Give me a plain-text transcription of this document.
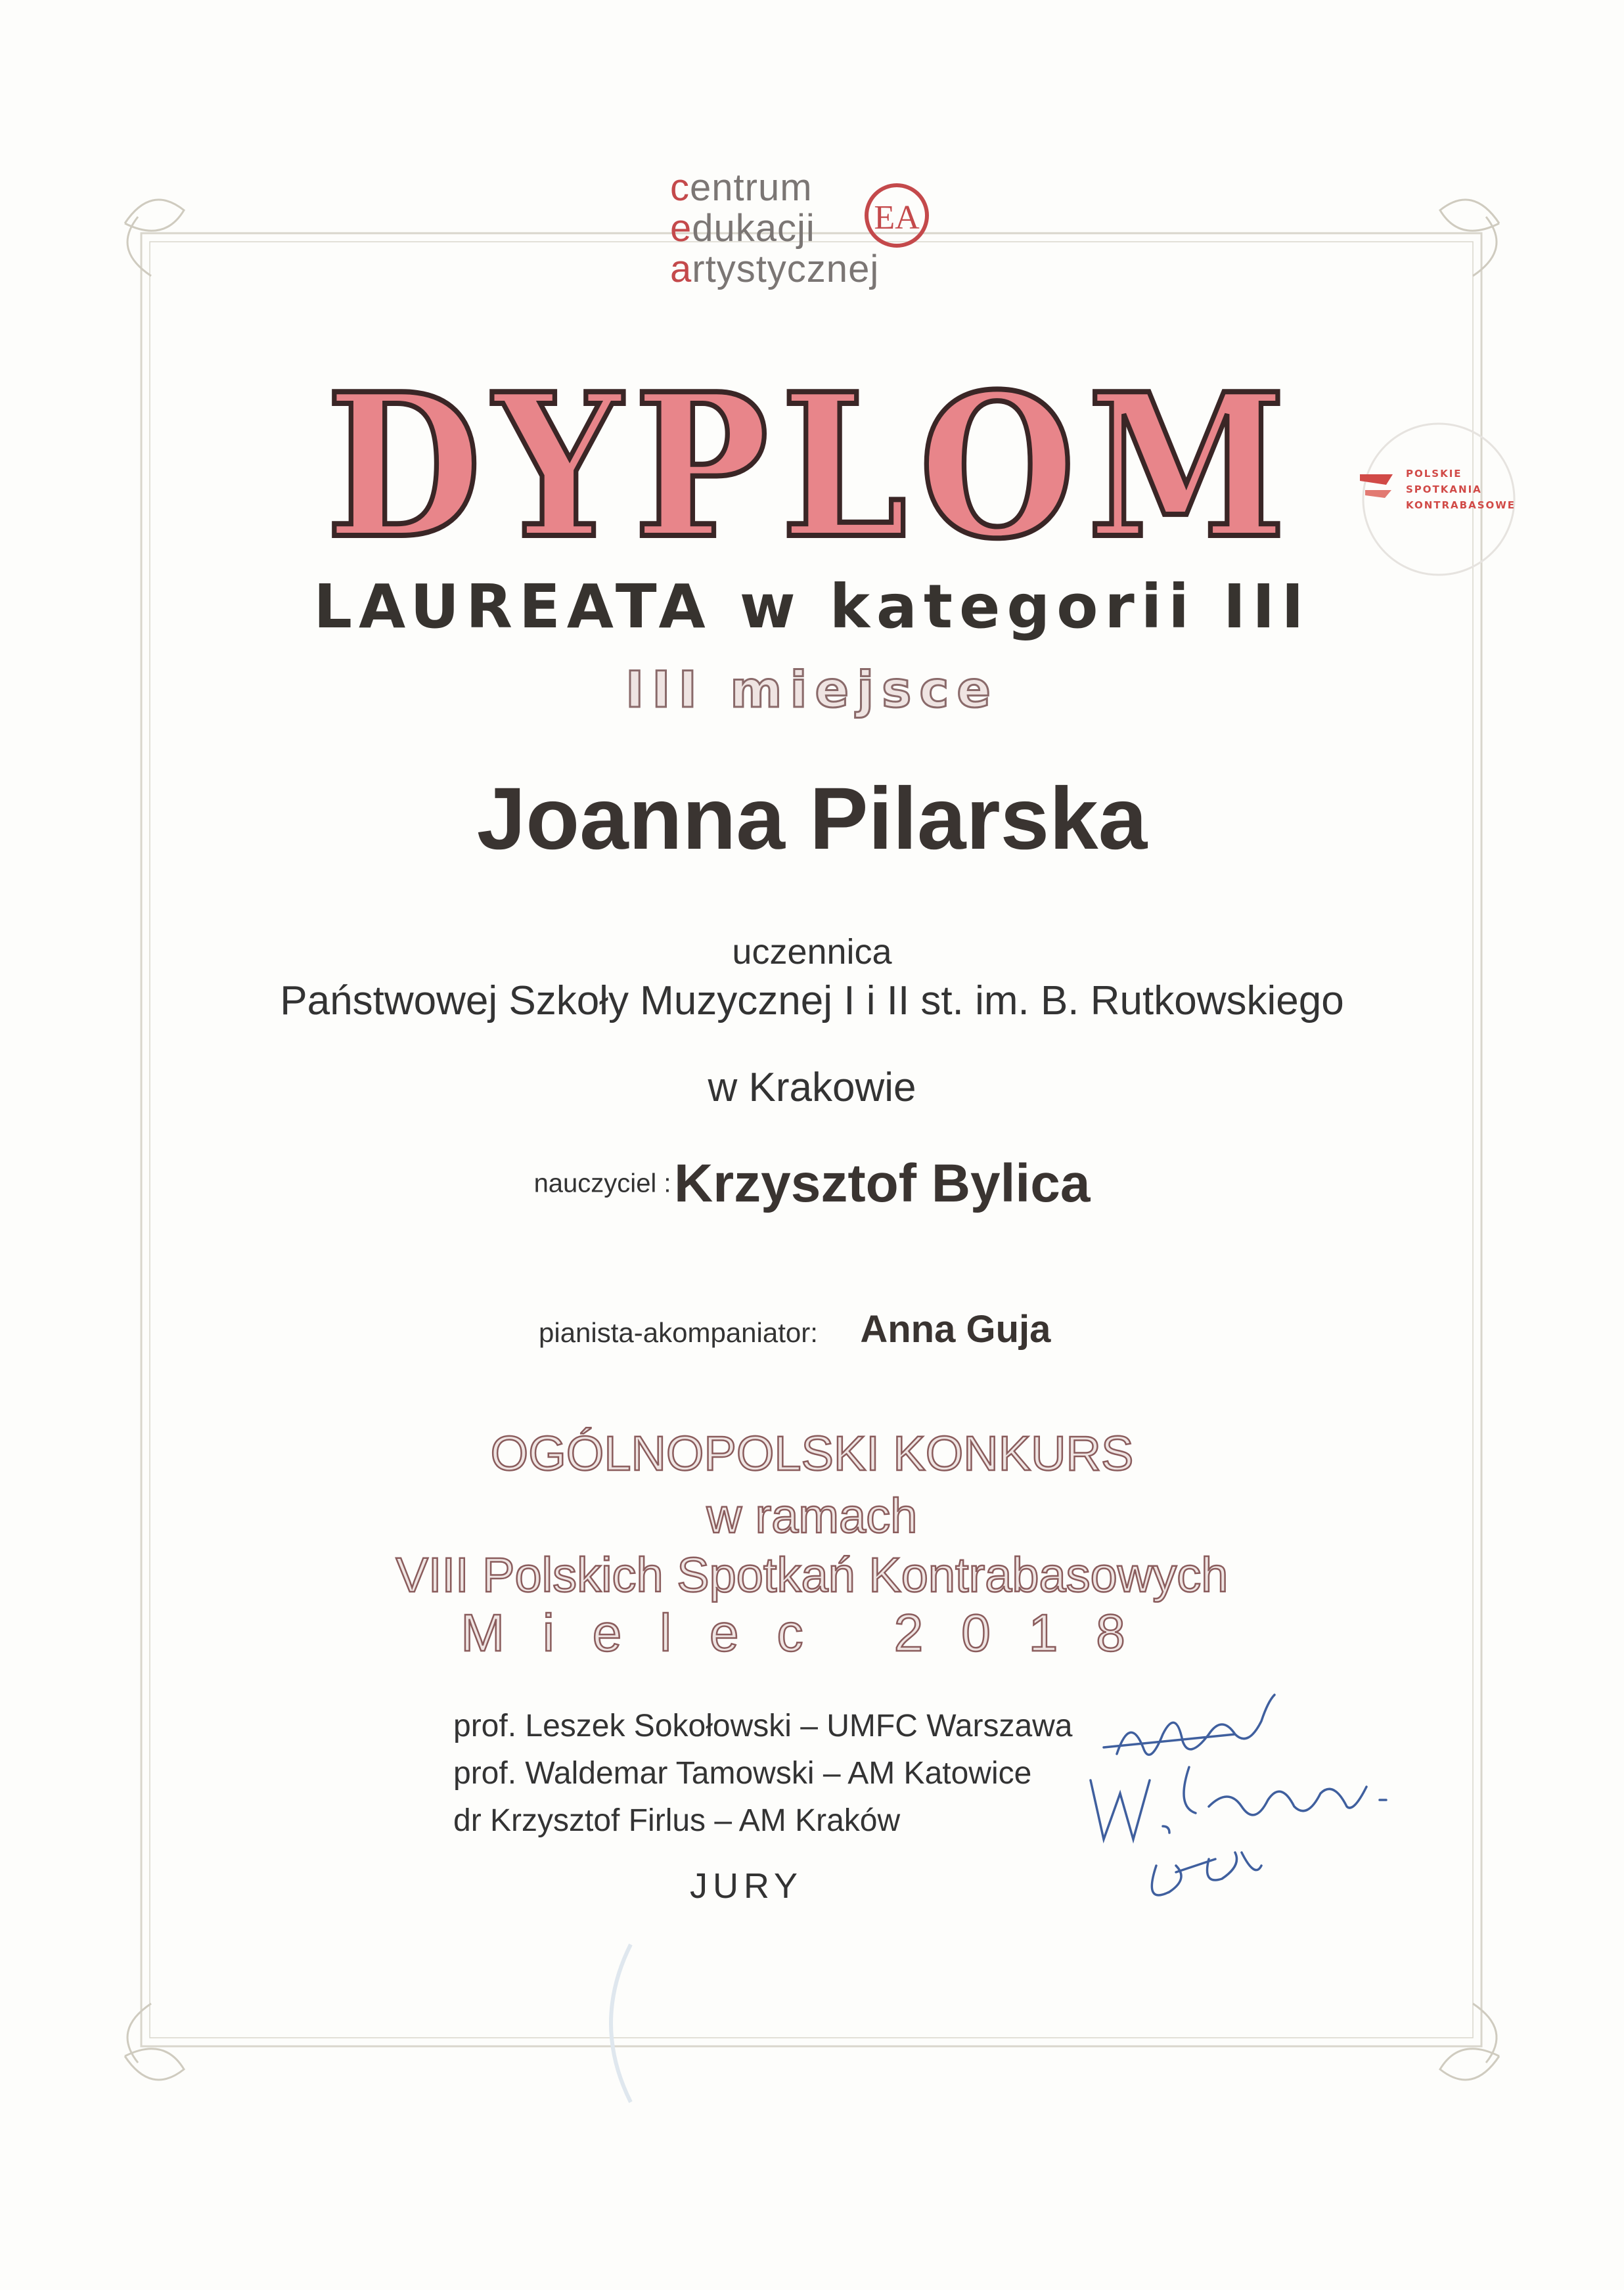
centrum
edukacji
artystycznej
EA
DYPLOM
LAUREATA w kategorii III
III miejsce
Joanna Pilarska
uczennica
Państwowej Szkoły Muzycznej I i II st. im. B. Rutkowskiego
w Krakowie
nauczyciel : Krzysztof Bylica
pianista-akompaniator: Anna Guja
OGÓLNOPOLSKI KONKURS
w ramach
VIII Polskich Spotkań Kontrabasowych
Mielec 2018
prof. Leszek Sokołowski – UMFC Warszawa
prof. Waldemar Tamowski – AM Katowice
dr Krzysztof Firlus – AM Kraków
JURY
POLSKIE
SPOTKANIA
KONTRABASOWE
